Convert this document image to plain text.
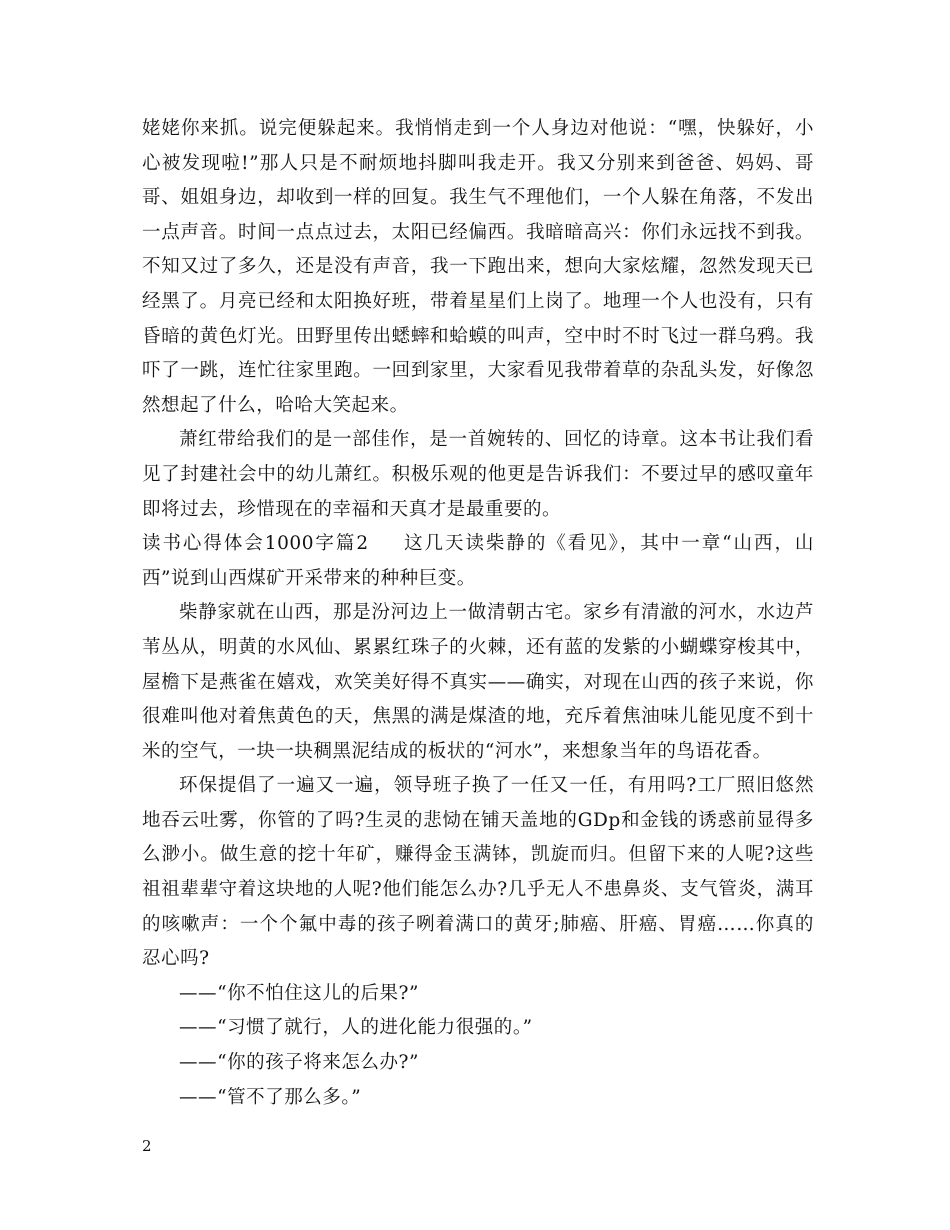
姥姥你来抓。说完便躲起来。我悄悄走到一个人身边对他说：“嘿，快躲好，小心被发现啦!”那人只是不耐烦地抖脚叫我走开。我又分别来到爸爸、妈妈、哥哥、姐姐身边，却收到一样的回复。我生气不理他们，一个人躲在角落，不发出一点声音。时间一点点过去，太阳已经偏西。我暗暗高兴：你们永远找不到我。不知又过了多久，还是没有声音，我一下跑出来，想向大家炫耀，忽然发现天已经黑了。月亮已经和太阳换好班，带着星星们上岗了。地理一个人也没有，只有昏暗的黄色灯光。田野里传出蟋蟀和蛤蟆的叫声，空中时不时飞过一群乌鸦。我吓了一跳，连忙往家里跑。一回到家里，大家看见我带着草的杂乱头发，好像忽然想起了什么，哈哈大笑起来。

萧红带给我们的是一部佳作，是一首婉转的、回忆的诗章。这本书让我们看见了封建社会中的幼儿萧红。积极乐观的他更是告诉我们：不要过早的感叹童年即将过去，珍惜现在的幸福和天真才是最重要的。

读书心得体会1000字篇2 这几天读柴静的《看见》，其中一章“山西，山西”说到山西煤矿开采带来的种种巨变。

柴静家就在山西，那是汾河边上一做清朝古宅。家乡有清澈的河水，水边芦苇丛从，明黄的水风仙、累累红珠子的火棘，还有蓝的发紫的小蝴蝶穿梭其中，屋檐下是燕雀在嬉戏，欢笑美好得不真实——确实，对现在山西的孩子来说，你很难叫他对着焦黄色的天，焦黑的满是煤渣的地，充斥着焦油味儿能见度不到十米的空气，一块一块稠黑泥结成的板状的“河水”，来想象当年的鸟语花香。

环保提倡了一遍又一遍，领导班子换了一任又一任，有用吗?工厂照旧悠然地吞云吐雾，你管的了吗?生灵的悲恸在铺天盖地的GDp和金钱的诱惑前显得多么渺小。做生意的挖十年矿，赚得金玉满钵，凯旋而归。但留下来的人呢?这些祖祖辈辈守着这块地的人呢?他们能怎么办?几乎无人不患鼻炎、支气管炎，满耳的咳嗽声：一个个氟中毒的孩子咧着满口的黄牙;肺癌、肝癌、胃癌……你真的忍心吗?

——“你不怕住这儿的后果?”

——“习惯了就行，人的进化能力很强的。”

——“你的孩子将来怎么办?”

——“管不了那么多。”

2
